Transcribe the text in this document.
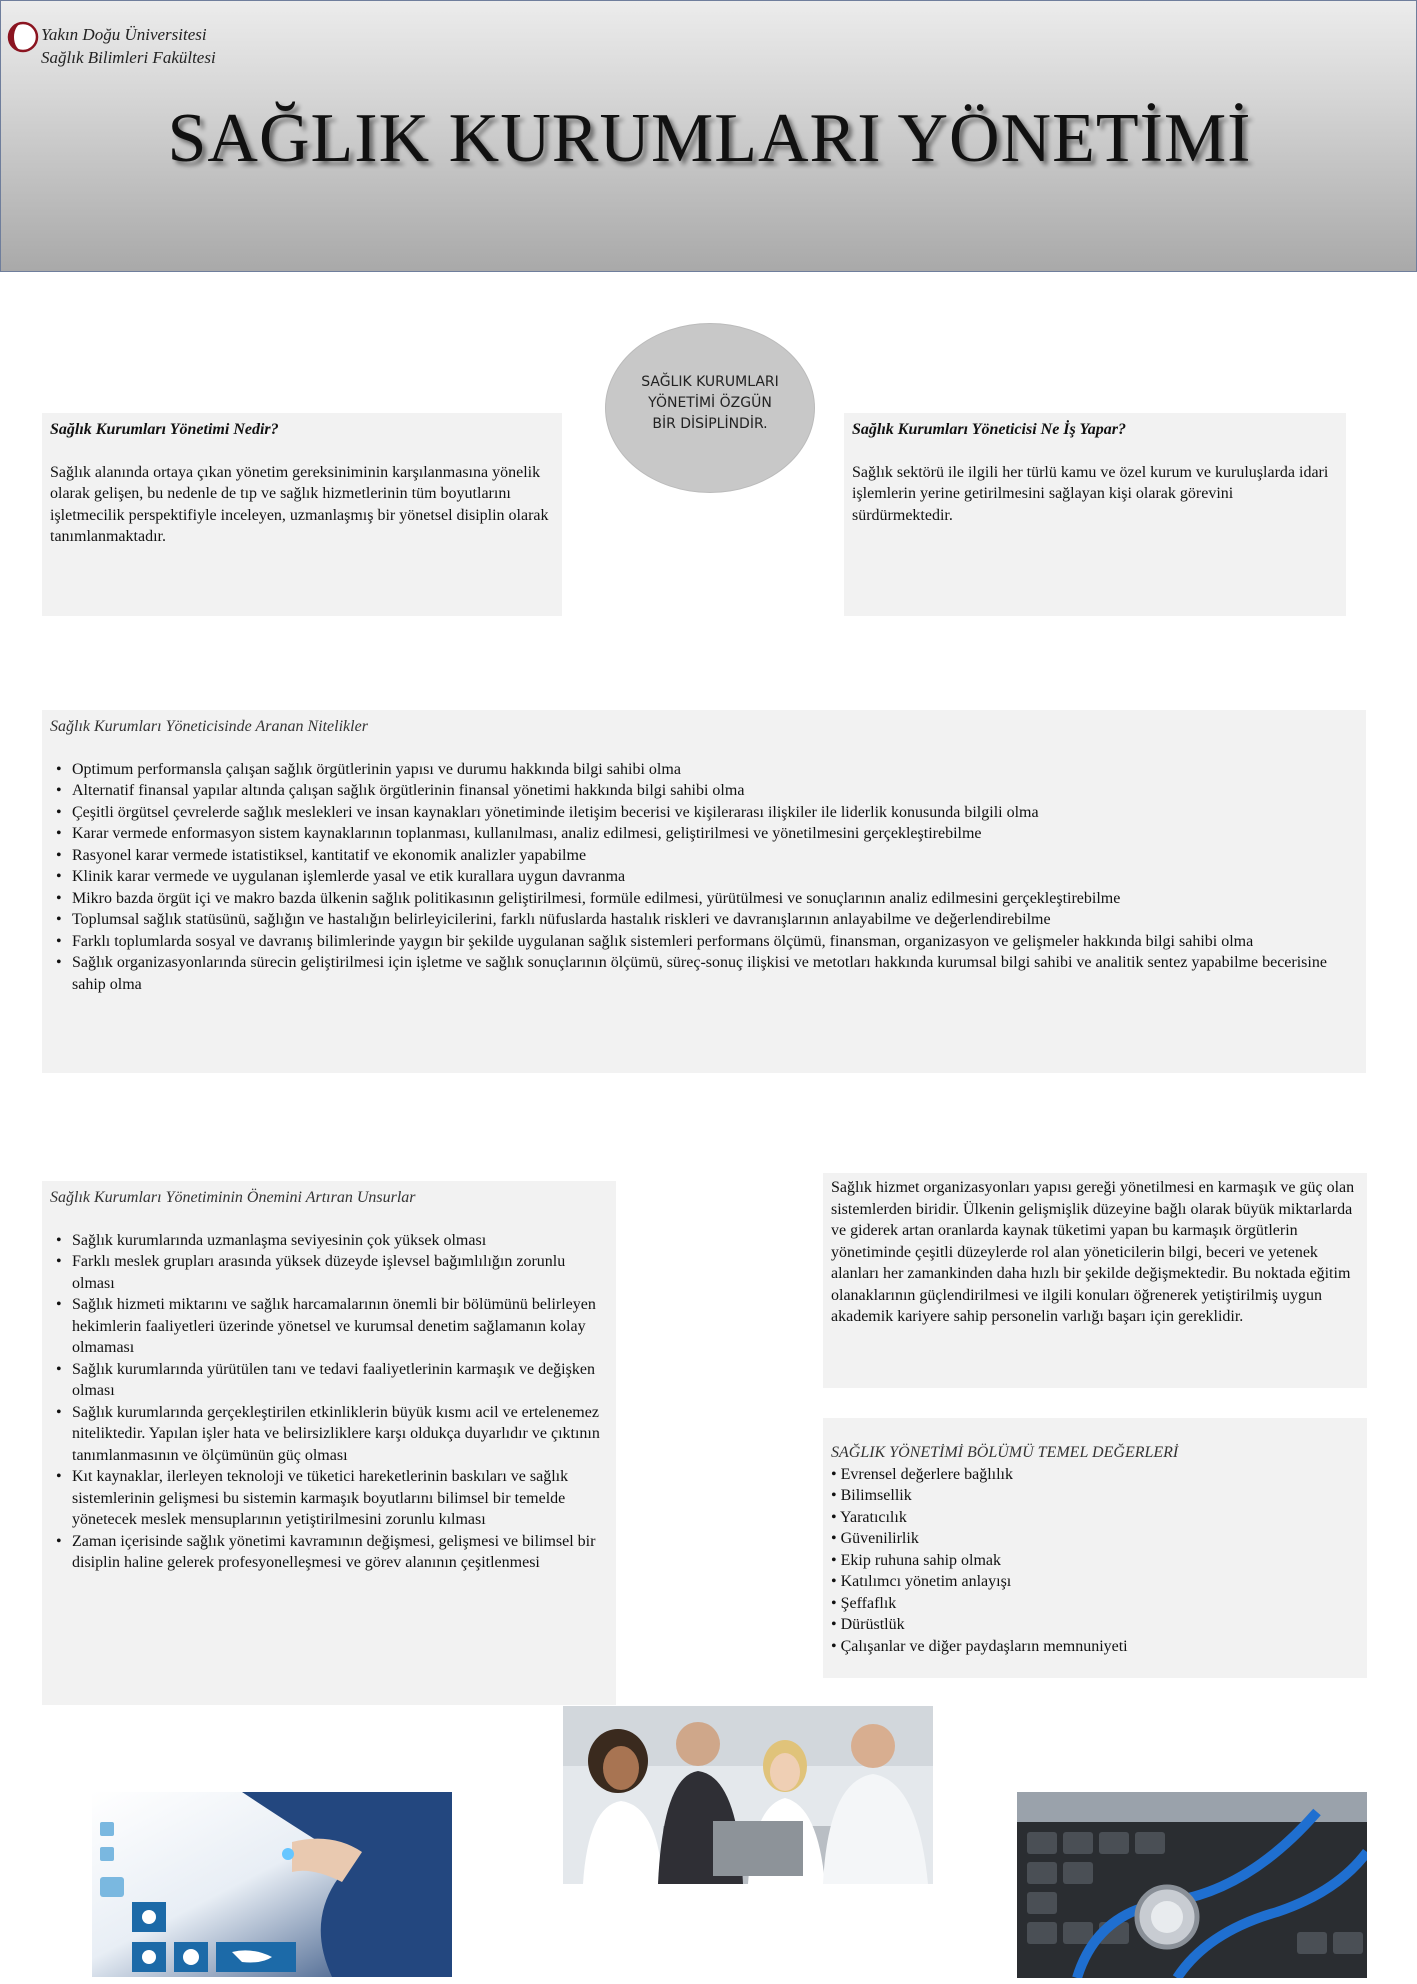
Yakın Doğu Üniversitesi
Sağlık Bilimleri Fakültesi
SAĞLIK KURUMLARI YÖNETİMİ
SAĞLIK KURUMLARI YÖNETİMİ ÖZGÜN BİR DİSİPLİNDİR.
Sağlık Kurumları Yönetimi Nedir?

Sağlık alanında ortaya çıkan yönetim gereksiniminin karşılanmasına yönelik olarak gelişen, bu nedenle de tıp ve sağlık hizmetlerinin tüm boyutlarını işletmecilik perspektifiyle inceleyen, uzmanlaşmış bir yönetsel disiplin olarak tanımlanmaktadır.

Sağlık Kurumları Yöneticisi Ne İş Yapar?

Sağlık sektörü ile ilgili her türlü kamu ve özel kurum ve kuruluşlarda idari işlemlerin yerine getirilmesini sağlayan kişi olarak görevini sürdürmektedir.

Sağlık Kurumları Yöneticisinde Aranan Nitelikler
• Optimum performansla çalışan sağlık örgütlerinin yapısı ve durumu hakkında bilgi sahibi olma
• Alternatif finansal yapılar altında çalışan sağlık örgütlerinin finansal yönetimi hakkında bilgi sahibi olma
• Çeşitli örgütsel çevrelerde sağlık meslekleri ve insan kaynakları yönetiminde iletişim becerisi ve kişilerarası ilişkiler ile liderlik konusunda bilgili olma
• Karar vermede enformasyon sistem kaynaklarının toplanması, kullanılması, analiz edilmesi, geliştirilmesi ve yönetilmesini gerçekleştirebilme
• Rasyonel karar vermede istatistiksel, kantitatif ve ekonomik analizler yapabilme
• Klinik karar vermede ve uygulanan işlemlerde yasal ve etik kurallara uygun davranma
• Mikro bazda örgüt içi ve makro bazda ülkenin sağlık politikasının geliştirilmesi, formüle edilmesi, yürütülmesi ve sonuçlarının analiz edilmesini gerçekleştirebilme
• Toplumsal sağlık statüsünü, sağlığın ve hastalığın belirleyicilerini, farklı nüfuslarda hastalık riskleri ve davranışlarının anlayabilme ve değerlendirebilme
• Farklı toplumlarda sosyal ve davranış bilimlerinde yaygın bir şekilde uygulanan sağlık sistemleri performans ölçümü, finansman, organizasyon ve gelişmeler hakkında bilgi sahibi olma
• Sağlık organizasyonlarında sürecin geliştirilmesi için işletme ve sağlık sonuçlarının ölçümü, süreç-sonuç ilişkisi ve metotları hakkında kurumsal bilgi sahibi ve analitik sentez yapabilme becerisine sahip olma
Sağlık Kurumları Yönetiminin Önemini Artıran Unsurlar
• Sağlık kurumlarında uzmanlaşma seviyesinin çok yüksek olması
• Farklı meslek grupları arasında yüksek düzeyde işlevsel bağımlılığın zorunlu olması
• Sağlık hizmeti miktarını ve sağlık harcamalarının önemli bir bölümünü belirleyen hekimlerin faaliyetleri üzerinde yönetsel ve kurumsal denetim sağlamanın kolay olmaması
• Sağlık kurumlarında yürütülen tanı ve tedavi faaliyetlerinin karmaşık ve değişken olması
• Sağlık kurumlarında gerçekleştirilen etkinliklerin büyük kısmı acil ve ertelenemez niteliktedir. Yapılan işler hata ve belirsizliklere karşı oldukça duyarlıdır ve çıktının tanımlanmasının ve ölçümünün güç olması
• Kıt kaynaklar, ilerleyen teknoloji ve tüketici hareketlerinin baskıları ve sağlık sistemlerinin gelişmesi bu sistemin karmaşık boyutlarını bilimsel bir temelde yönetecek meslek mensuplarının yetiştirilmesini zorunlu kılması
• Zaman içerisinde sağlık yönetimi kavramının değişmesi, gelişmesi ve bilimsel bir disiplin haline gelerek profesyonelleşmesi ve görev alanının çeşitlenmesi

Sağlık hizmet organizasyonları yapısı gereği yönetilmesi en karmaşık ve güç olan sistemlerden biridir. Ülkenin gelişmişlik düzeyine bağlı olarak büyük miktarlarda ve giderek artan oranlarda kaynak tüketimi yapan bu karmaşık örgütlerin yönetiminde çeşitli düzeylerde rol alan yöneticilerin bilgi, beceri ve yetenek alanları her zamankinden daha hızlı bir şekilde değişmektedir. Bu noktada eğitim olanaklarının güçlendirilmesi ve ilgili konuları öğrenerek yetiştirilmiş uygun akademik kariyere sahip personelin varlığı başarı için gereklidir.

SAĞLIK YÖNETİMİ BÖLÜMÜ TEMEL DEĞERLERİ
• Evrensel değerlere bağlılık
• Bilimsellik
• Yaratıcılık
• Güvenilirlik
• Ekip ruhuna sahip olmak
• Katılımcı yönetim anlayışı
• Şeffaflık
• Dürüstlük
• Çalışanlar ve diğer paydaşların memnuniyeti
